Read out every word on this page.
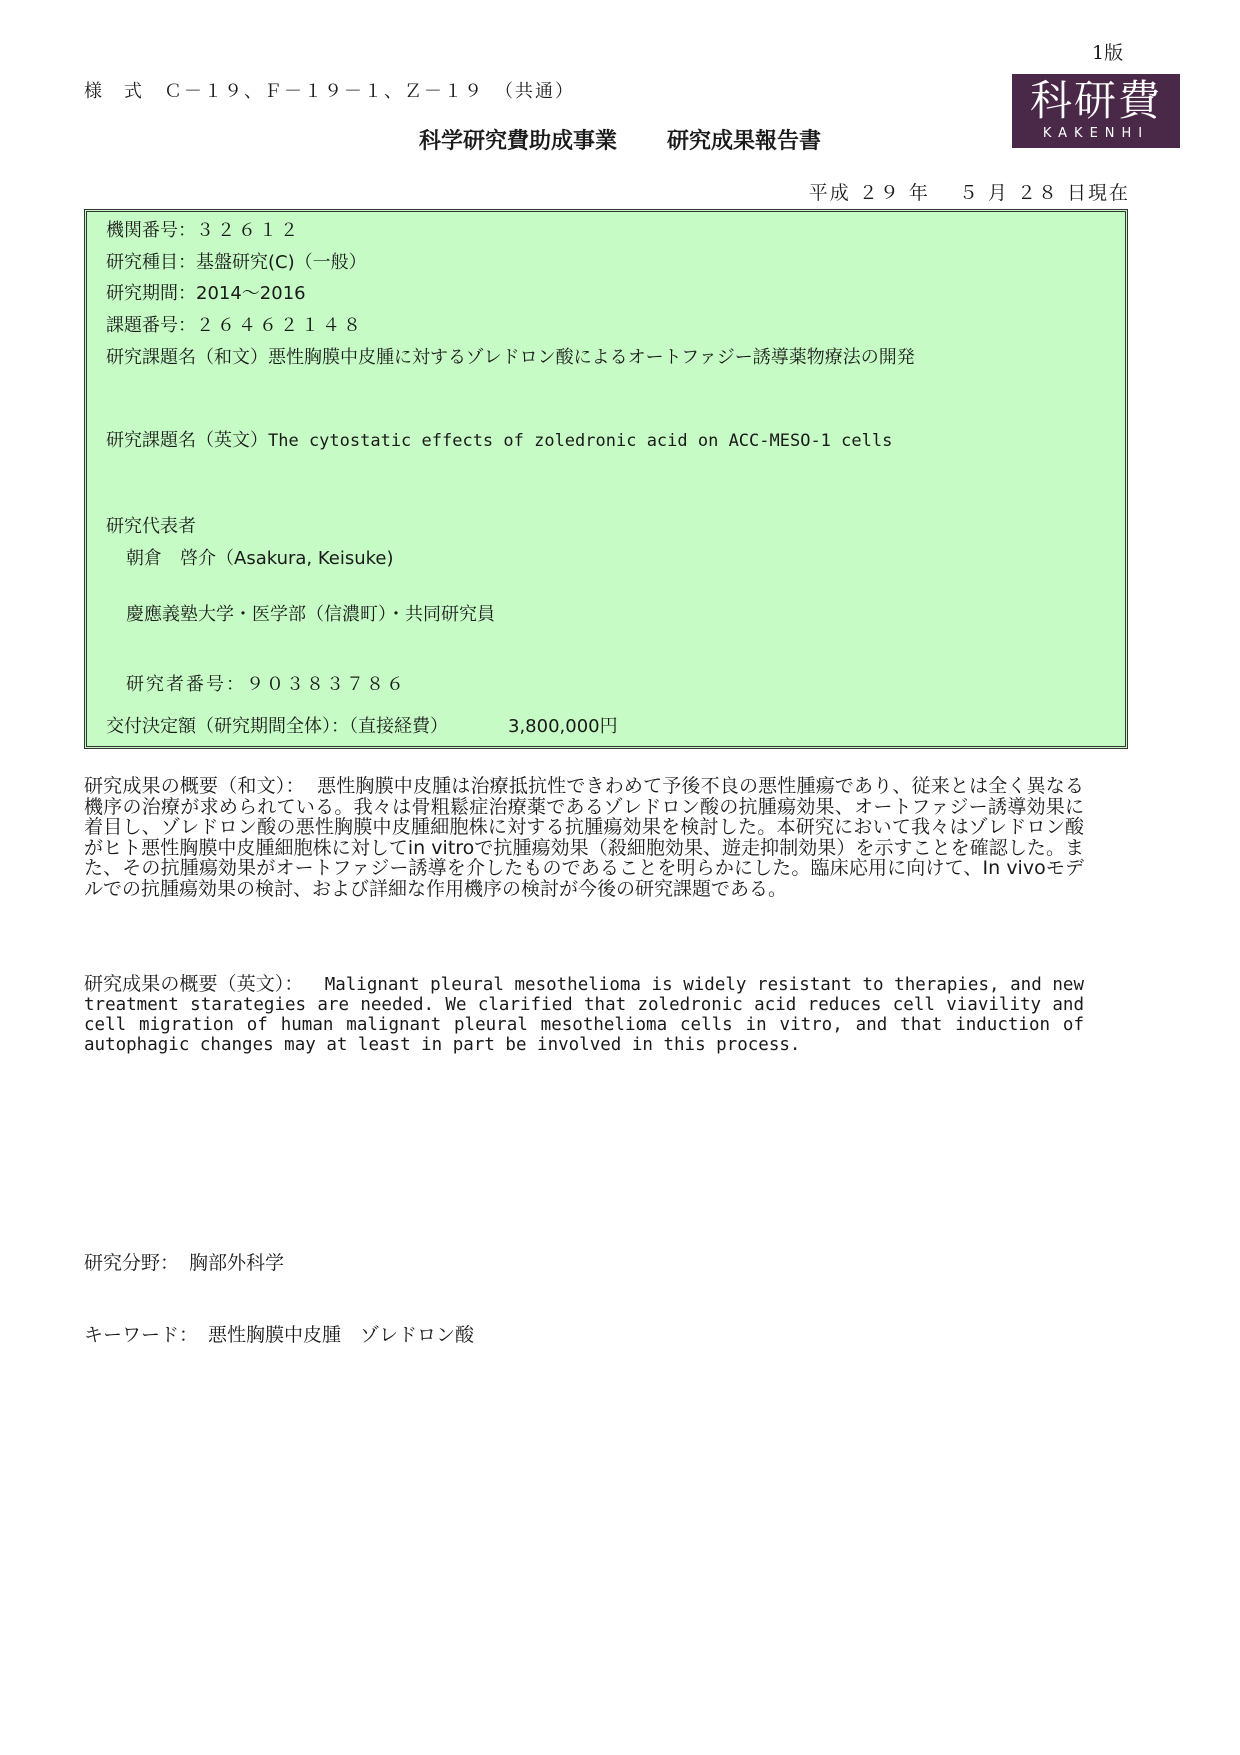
1版
様　式　Ｃ－１９、Ｆ－１９－１、Ｚ－１９　（共通）	科研費
KAKENHI
科学研究費助成事業 研究成果報告書
平成 ２９ 年　 ５ 月 ２８ 日現在
機関番号：３２６１２
研究種目：基盤研究(C)（一般）
研究期間：2014～2016
課題番号：２６４６２１４８
研究課題名（和文）悪性胸膜中皮腫に対するゾレドロン酸によるオートファジー誘導薬物療法の開発
研究課題名（英文）The cytostatic effects of zoledronic acid on ACC-MESO-1 cells
研究代表者
朝倉　啓介（Asakura, Keisuke)
慶應義塾大学・医学部（信濃町）・共同研究員
研究者番号：９０３８３７８６
交付決定額（研究期間全体）：（直接経費）	3,800,000円
研究成果の概要（和文）： 悪性胸膜中皮腫は治療抵抗性できわめて予後不良の悪性腫瘍であり、従来とは全く異なる機序の治療が求められている。我々は骨粗鬆症治療薬であるゾレドロン酸の抗腫瘍効果、オートファジー誘導効果に着目し、ゾレドロン酸の悪性胸膜中皮腫細胞株に対する抗腫瘍効果を検討した。本研究において我々はゾレドロン酸がヒト悪性胸膜中皮腫細胞株に対してin vitroで抗腫瘍効果（殺細胞効果、遊走抑制効果）を示すことを確認した。また、その抗腫瘍効果がオートファジー誘導を介したものであることを明らかにした。臨床応用に向けて、In vivoモデルでの抗腫瘍効果の検討、および詳細な作用機序の検討が今後の研究課題である。
研究成果の概要（英文）： Malignant pleural mesothelioma is widely resistant to therapies, and new treatment starategies are needed. We clarified that zoledronic acid reduces cell viavility and cell migration of human malignant pleural mesothelioma cells in vitro, and that induction of autophagic changes may at least in part be involved in this process.
研究分野： 胸部外科学
キーワード： 悪性胸膜中皮腫　ゾレドロン酸
